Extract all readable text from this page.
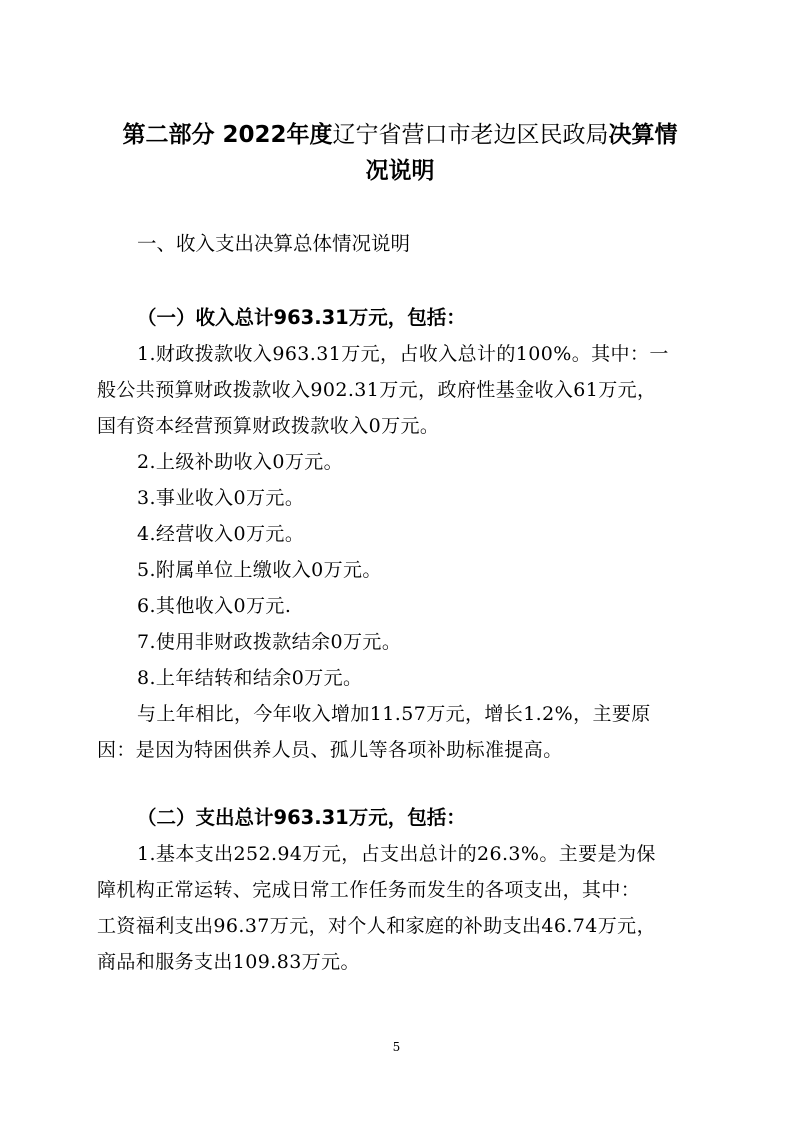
第二部分 2022年度辽宁省营口市老边区民政局决算情
况说明
一、收入支出决算总体情况说明
（一）收入总计963.31万元，包括：
1.财政拨款收入963.31万元，占收入总计的100%。其中：一
般公共预算财政拨款收入902.31万元，政府性基金收入61万元，
国有资本经营预算财政拨款收入0万元。
2.上级补助收入0万元。
3.事业收入0万元。
4.经营收入0万元。
5.附属单位上缴收入0万元。
6.其他收入0万元.
7.使用非财政拨款结余0万元。
8.上年结转和结余0万元。
与上年相比，今年收入增加11.57万元，增长1.2%，主要原
因：是因为特困供养人员、孤儿等各项补助标准提高。
（二）支出总计963.31万元，包括：
1.基本支出252.94万元，占支出总计的26.3%。主要是为保
障机构正常运转、完成日常工作任务而发生的各项支出，其中：
工资福利支出96.37万元，对个人和家庭的补助支出46.74万元，
商品和服务支出109.83万元。
5
